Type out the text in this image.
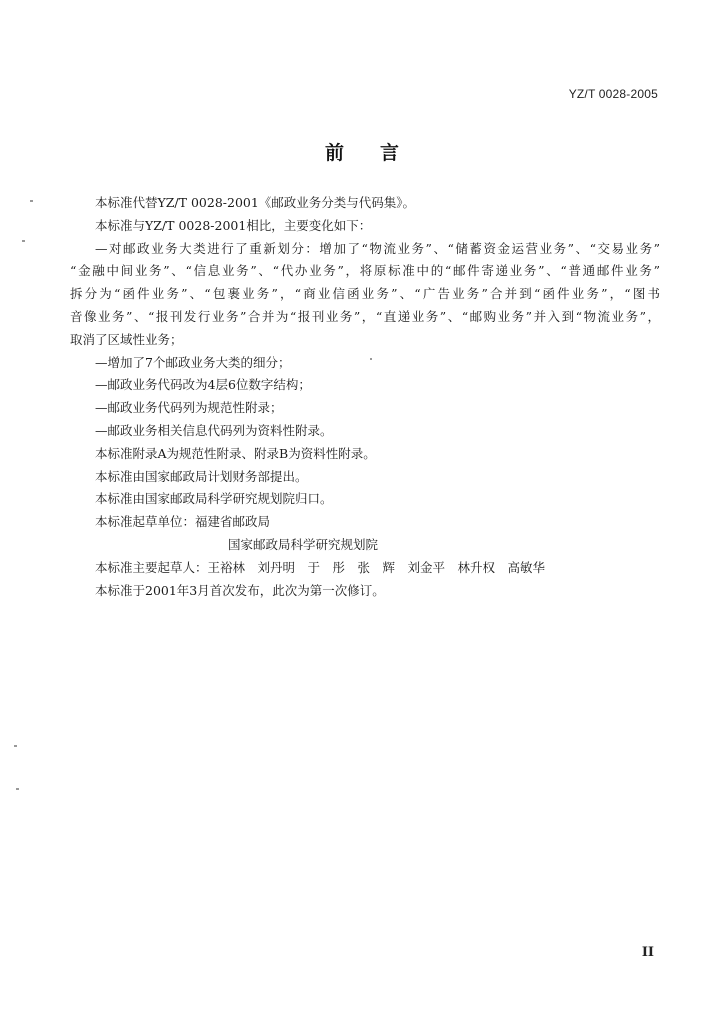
YZ/T 0028-2005
前言

本标准代替YZ/T 0028-2001《邮政业务分类与代码集》。

本标准与YZ/T 0028-2001相比，主要变化如下：

—对邮政业务大类进行了重新划分：增加了“物流业务”、“储蓄资金运营业务”、“交易业务”
“金融中间业务”、“信息业务”、“代办业务”，将原标准中的“邮件寄递业务”、“普通邮件业务”
拆分为“函件业务”、“包裹业务”，“商业信函业务”、“广告业务”合并到“函件业务”，“图书
音像业务”、“报刊发行业务”合并为“报刊业务”，“直递业务”、“邮购业务”并入到“物流业务”，
取消了区域性业务；

—增加了7个邮政业务大类的细分；

—邮政业务代码改为4层6位数字结构；

—邮政业务代码列为规范性附录；

—邮政业务相关信息代码列为资料性附录。

本标准附录A为规范性附录、附录B为资料性附录。

本标准由国家邮政局计划财务部提出。

本标准由国家邮政局科学研究规划院归口。

本标准起草单位：福建省邮政局

国家邮政局科学研究规划院

本标准主要起草人：王裕林　刘丹明　于　彤　张　辉　刘金平　林升权　高敏华

本标准于2001年3月首次发布，此次为第一次修订。

II
